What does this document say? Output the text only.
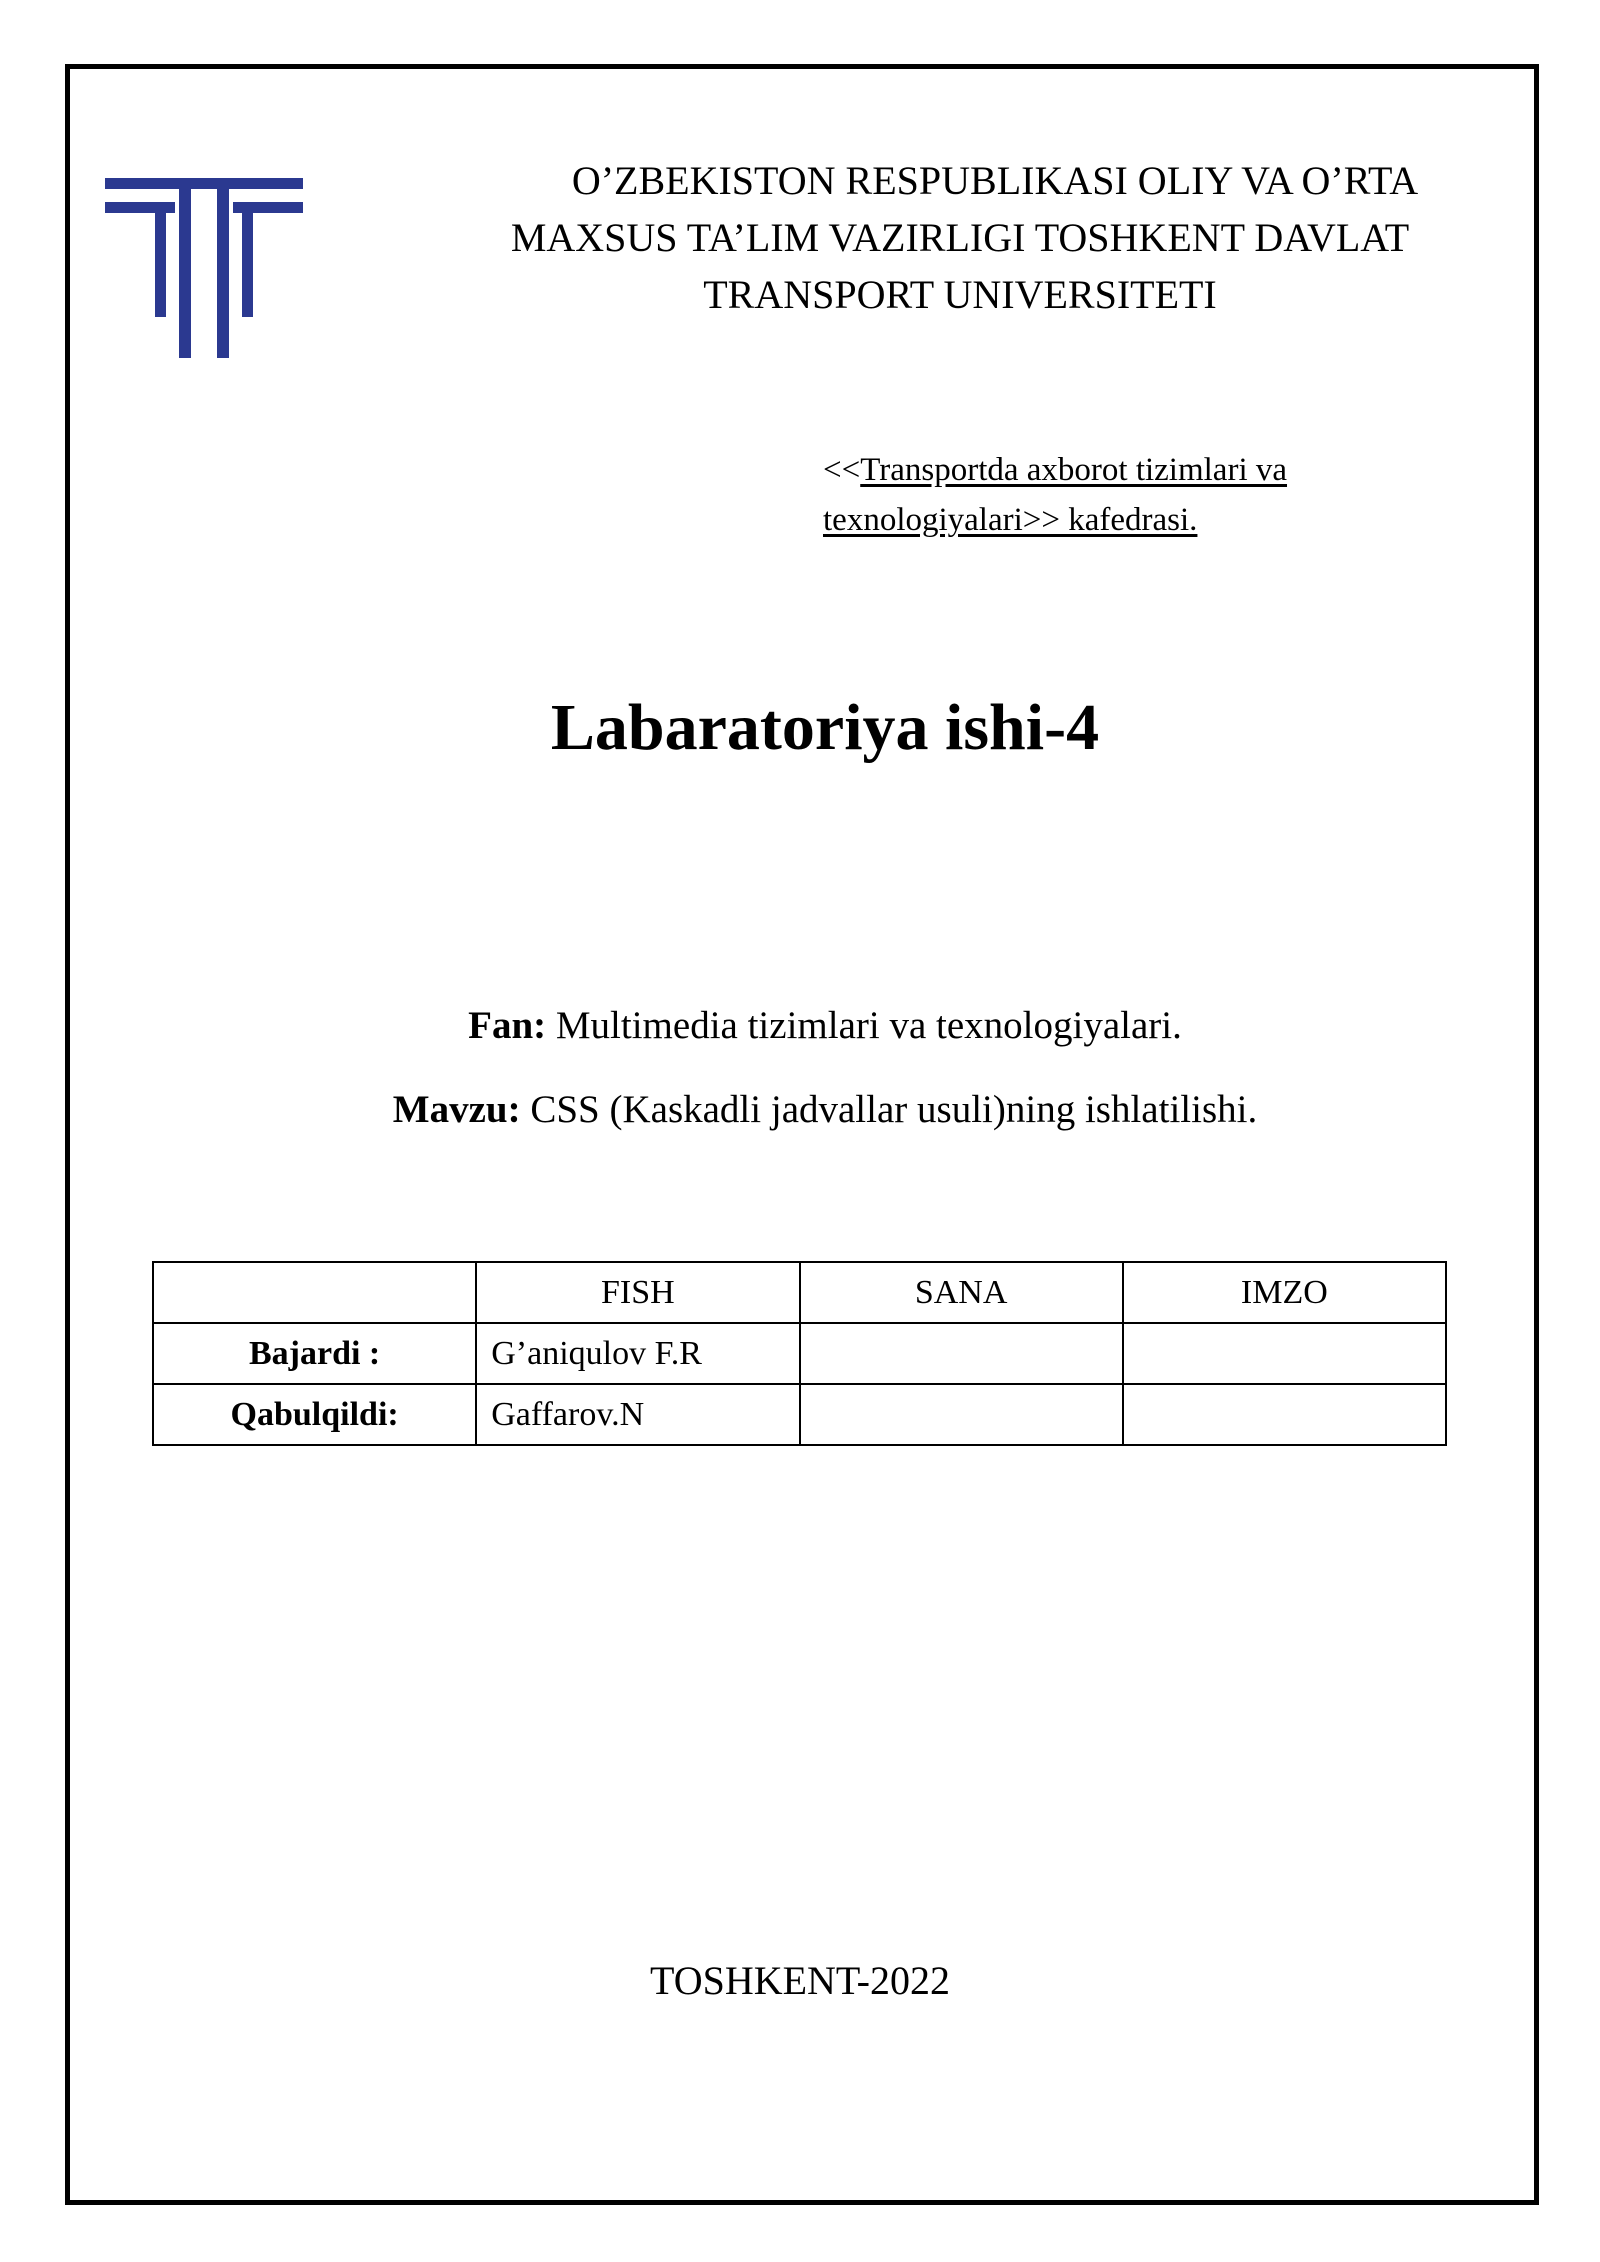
O’ZBEKISTON RESPUBLIKASI OLIY VA O’RTA
MAXSUS TA’LIM VAZIRLIGI TOSHKENT DAVLAT
TRANSPORT UNIVERSITETI
<<Transportda axborot tizimlari va
texnologiyalari>> kafedrasi.
Labaratoriya ishi-4
Fan: Multimedia tizimlari va texnologiyalari.
Mavzu: CSS (Kaskadli jadvallar usuli)ning ishlatilishi.
	FISH	SANA	IMZO
Bajardi :	G’aniqulov F.R		
Qabulqildi:	Gaffarov.N		
TOSHKENT-2022
